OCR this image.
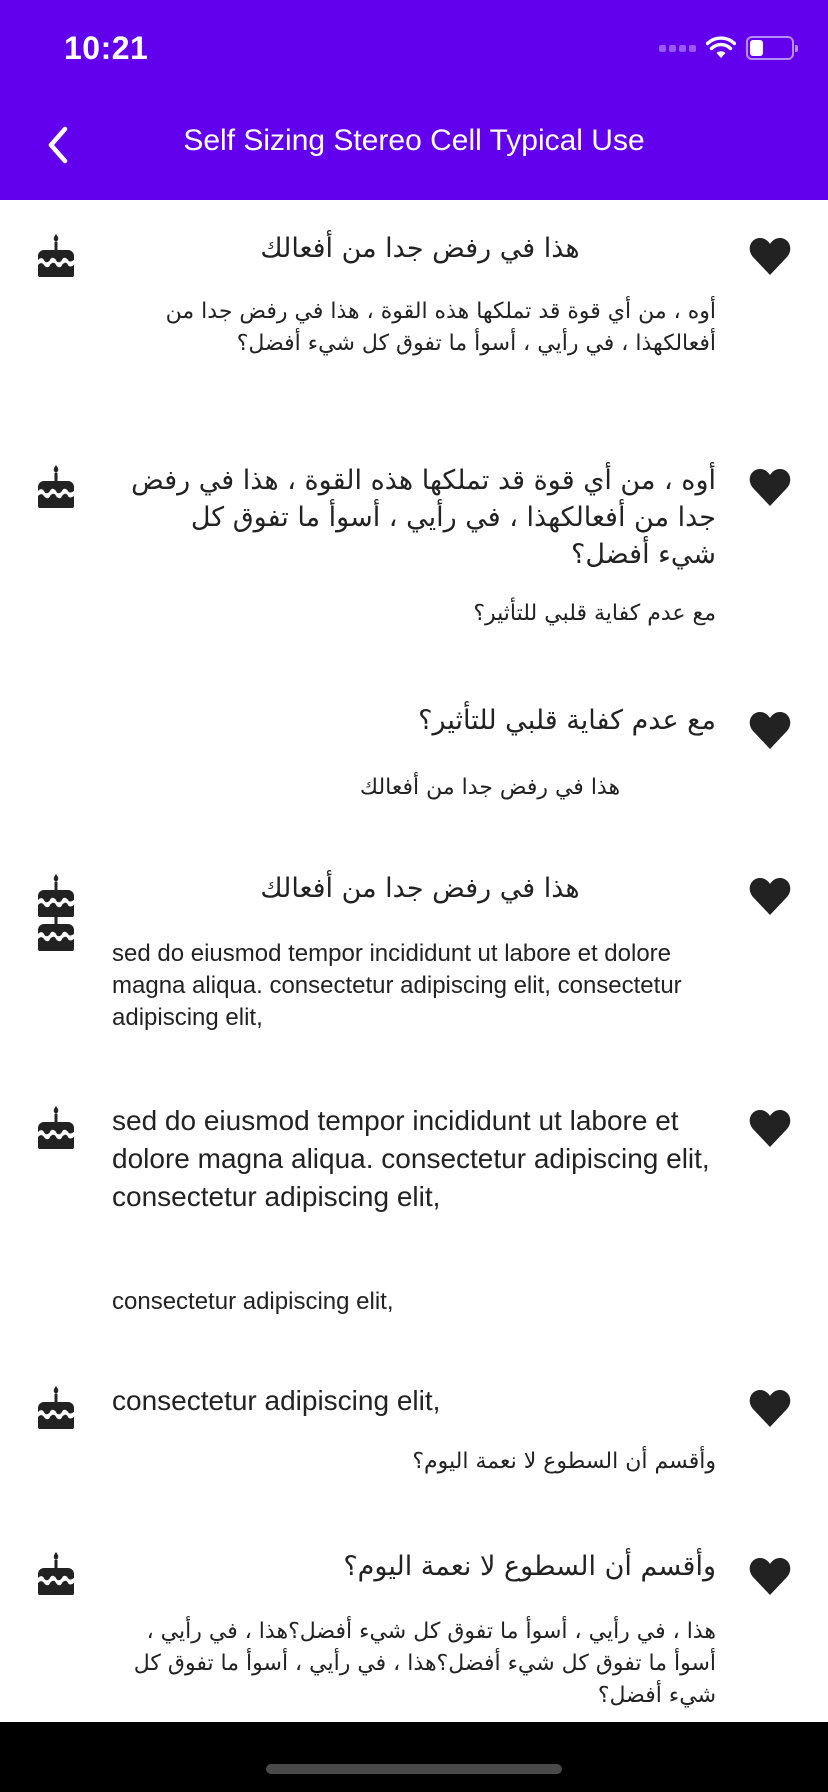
10:21
Self Sizing Stereo Cell Typical Use
هذا في رفض جدا من أفعالك
أوه ، من أي قوة قد تملكها هذه القوة ، هذا في رفض جدا من أفعالكهذا ، في رأيي ، أسوأ ما تفوق كل شيء أفضل؟
أوه ، من أي قوة قد تملكها هذه القوة ، هذا في رفض جدا من أفعالكهذا ، في رأيي ، أسوأ ما تفوق كل شيء أفضل؟
مع عدم كفاية قلبي للتأثير؟
مع عدم كفاية قلبي للتأثير؟
هذا في رفض جدا من أفعالك
هذا في رفض جدا من أفعالك
sed do eiusmod tempor incididunt ut labore et dolore magna aliqua. consectetur adipiscing elit, consectetur adipiscing elit,
sed do eiusmod tempor incididunt ut labore et dolore magna aliqua. consectetur adipiscing elit, consectetur adipiscing elit,
consectetur adipiscing elit,
consectetur adipiscing elit,
وأقسم أن السطوع لا نعمة اليوم؟
وأقسم أن السطوع لا نعمة اليوم؟
هذا ، في رأيي ، أسوأ ما تفوق كل شيء أفضل؟هذا ، في رأيي ، أسوأ ما تفوق كل شيء أفضل؟هذا ، في رأيي ، أسوأ ما تفوق كل شيء أفضل؟
